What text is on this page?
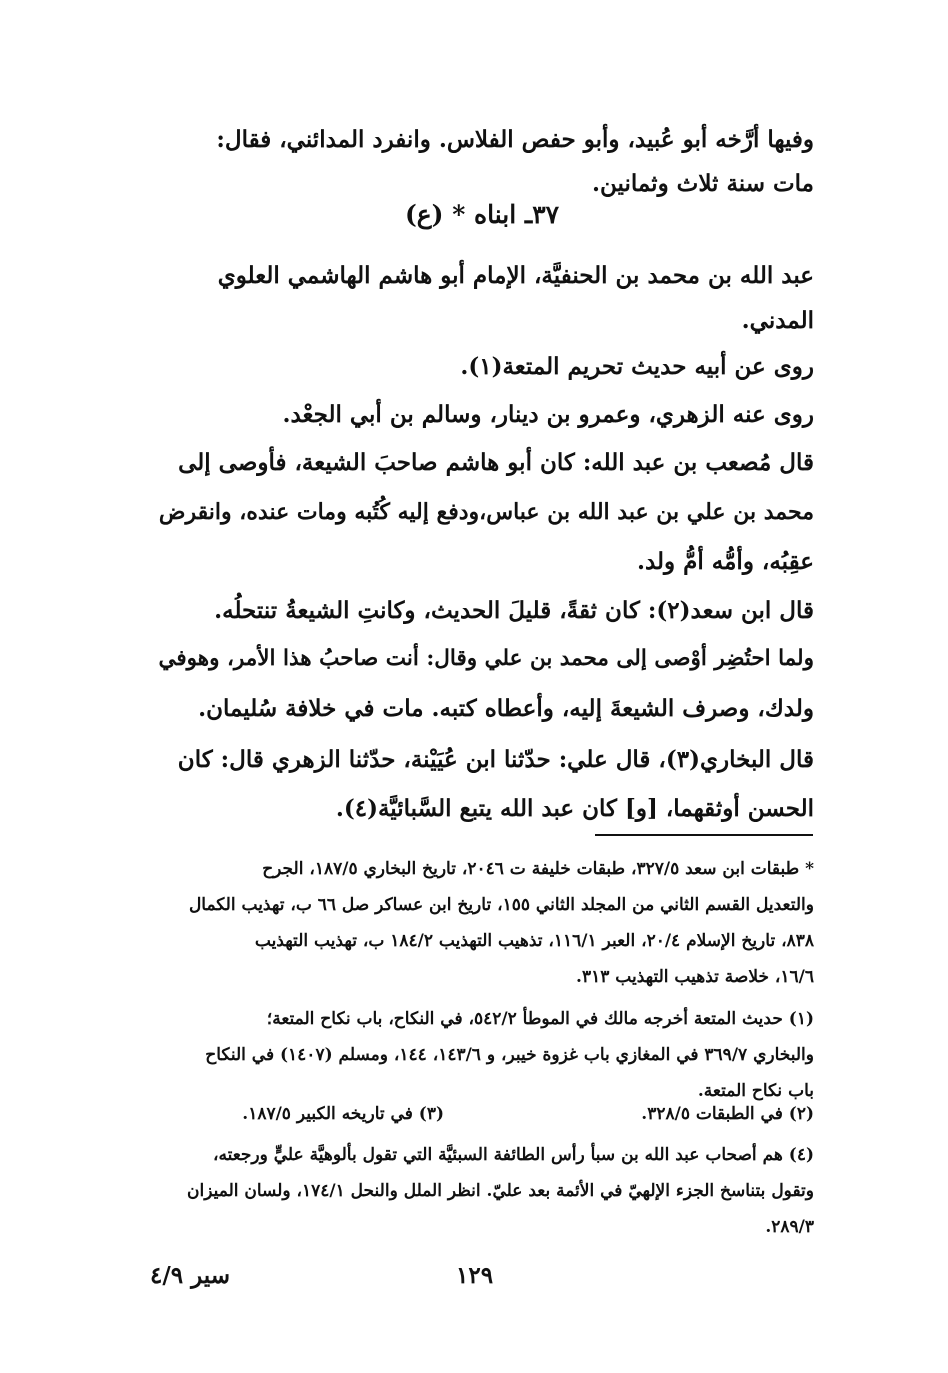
وفيها أرَّخه أبو عُبيد، وأبو حفص الفلاس. وانفرد المدائني، فقال:

مات سنة ثلاث وثمانين.

٣٧ـ ابناه * (ع)

عبد الله بن محمد بن الحنفيَّة، الإمام أبو هاشم الهاشمي العلوي

المدني.

روى عن أبيه حديث تحريم المتعة(١).

روى عنه الزهري، وعمرو بن دينار، وسالم بن أبي الجعْد.

قال مُصعب بن عبد الله: كان أبو هاشم صاحبَ الشيعة، فأوصى إلى

محمد بن علي بن عبد الله بن عباس،ودفع إليه كُتُبه ومات عنده، وانقرض

عقِبُه، وأمُّه أمُّ ولد.

قال ابن سعد(٢): كان ثقةً، قليلَ الحديث، وكانتِ الشيعةُ تنتحلُه.

ولما احتُضِر أوْصى إلى محمد بن علي وقال: أنت صاحبُ هذا الأمر، وهوفي

ولدك، وصرف الشيعةَ إليه، وأعطاه كتبه. مات في خلافة سُليمان.

قال البخاري(٣)، قال علي: حدّثنا ابن عُيَيْنة، حدّثنا الزهري قال: كان

الحسن أوثقهما، [و] كان عبد الله يتبع السَّبائيَّة(٤).

* طبقات ابن سعد ٣٢٧/٥، طبقات خليفة ت ٢٠٤٦، تاريخ البخاري ١٨٧/٥، الجرح

والتعديل القسم الثاني من المجلد الثاني ١٥٥، تاريخ ابن عساكر صل ٦٦ ب، تهذيب الكمال

٨٣٨، تاريخ الإسلام ٢٠/٤، العبر ١١٦/١، تذهيب التهذيب ١٨٤/٢ ب، تهذيب التهذيب

١٦/٦، خلاصة تذهيب التهذيب ٣١٣.

(١) حديث المتعة أخرجه مالك في الموطأ ٥٤٢/٢، في النكاح، باب نكاح المتعة؛

والبخاري ٣٦٩/٧ في المغازي باب غزوة خيبر، و ١٤٣/٦، ١٤٤، ومسلم (١٤٠٧) في النكاح

باب نكاح المتعة.

(٢) في الطبقات ٣٢٨/٥.
(٣) في تاريخه الكبير ١٨٧/٥.

(٤) هم أصحاب عبد الله بن سبأ رأس الطائفة السبئيَّة التي تقول بألوهيَّة عليٍّ ورجعته،

وتقول بتناسخ الجزء الإلهيّ في الأئمة بعد عليّ. انظر الملل والنحل ١٧٤/١، ولسان الميزان

٢٨٩/٣.

١٢٩
سير ٤/٩
